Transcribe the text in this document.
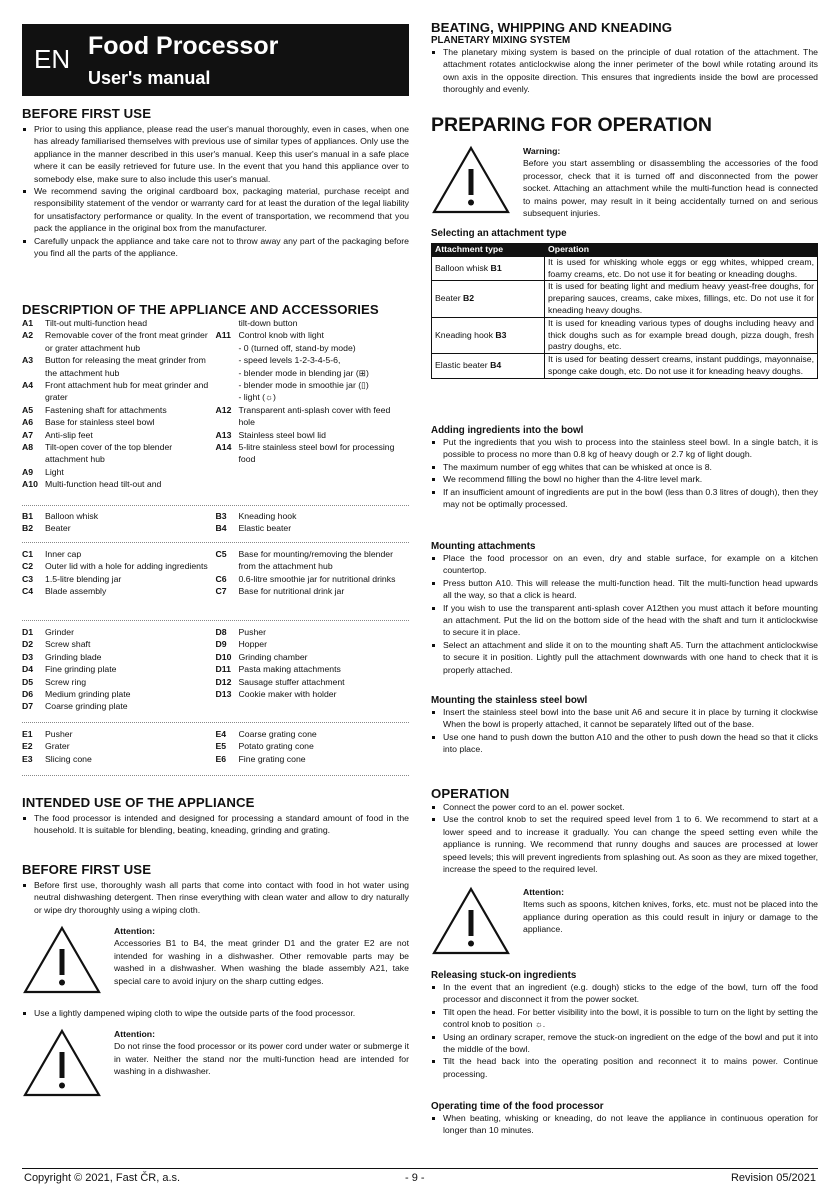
EN Food Processor
User's manual
BEFORE FIRST USE
Prior to using this appliance, please read the user's manual thoroughly, even in cases, when one has already familiarised themselves with previous use of similar types of appliances. Only use the appliance in the manner described in this user's manual. Keep this user's manual in a safe place where it can be easily retrieved for future use. In the event that you hand this appliance over to somebody else, make sure to also include this user's manual.
We recommend saving the original cardboard box, packaging material, purchase receipt and responsibility statement of the vendor or warranty card for at least the duration of the legal liability for unsatisfactory performance or quality. In the event of transportation, we recommend that you pack the appliance in the original box from the manufacturer.
Carefully unpack the appliance and take care not to throw away any part of the packaging before you find all the parts of the appliance.
DESCRIPTION OF THE APPLIANCE AND ACCESSORIES
A1	Tilt-out multi-function head
A2	Removable cover of the front meat grinder or grater attachment hub
A3	Button for releasing the meat grinder from the attachment hub
A4	Front attachment hub for meat grinder and grater
A5	Fastening shaft for attachments
A6	Base for stainless steel bowl
A7	Anti-slip feet
A8	Tilt-open cover of the top blender attachment hub
A9	Light
A10 Multi-function head tilt-out and
tilt-down button
A11 Control knob with light
- 0 (turned off, stand-by mode)
- speed levels 1-2-3-4-5-6,
- blender mode in blending jar (⊞)
- blender mode in smoothie jar (▯)
- light (☼)
A12 Transparent anti-splash cover with feed hole
A13 Stainless steel bowl lid
A14 5-litre stainless steel bowl for processing food
B1	Balloon whisk
B2	Beater
B3	Kneading hook
B4	Elastic beater
C1	Inner cap
C2	Outer lid with a hole for adding ingredients
C3	1.5-litre blending jar
C4	Blade assembly
C5	Base for mounting/removing the blender from the attachment hub
C6	0.6-litre smoothie jar for nutritional drinks
C7	Base for nutritional drink jar
D1	Grinder
D2	Screw shaft
D3	Grinding blade
D4	Fine grinding plate
D5	Screw ring
D6	Medium grinding plate
D7	Coarse grinding plate
D8	Pusher
D9	Hopper
D10 Grinding chamber
D11 Pasta making attachments
D12 Sausage stuffer attachment
D13 Cookie maker with holder
E1	Pusher
E2	Grater
E3	Slicing cone
E4	Coarse grating cone
E5	Potato grating cone
E6	Fine grating cone
INTENDED USE OF THE APPLIANCE
The food processor is intended and designed for processing a standard amount of food in the household. It is suitable for blending, beating, kneading, grinding and grating.
BEFORE FIRST USE
Before first use, thoroughly wash all parts that come into contact with food in hot water using neutral dishwashing detergent. Then rinse everything with clean water and allow to dry naturally or wipe dry thoroughly using a wiping cloth.
Attention:
Accessories B1 to B4, the meat grinder D1 and the grater E2 are not intended for washing in a dishwasher. Other removable parts may be washed in a dishwasher. When washing the blade assembly A21, take special care to avoid injury on the sharp cutting edges.
Use a lightly dampened wiping cloth to wipe the outside parts of the food processor.
Attention:
Do not rinse the food processor or its power cord under water or submerge it in water. Neither the stand nor the multi-function head are intended for washing in a dishwasher.
BEATING, WHIPPING AND KNEADING
PLANETARY MIXING SYSTEM
The planetary mixing system is based on the principle of dual rotation of the attachment. The attachment rotates anticlockwise along the inner perimeter of the bowl while rotating around its own axis in the opposite direction. This ensures that ingredients inside the bowl are processed thoroughly and evenly.
PREPARING FOR OPERATION
Warning:
Before you start assembling or disassembling the accessories of the food processor, check that it is turned off and disconnected from the power socket. Attaching an attachment while the multi-function head is connected to mains power, may result in it being accidentally turned on and serious subsequent injuries.
Selecting an attachment type
Attachment type	Operation
Balloon whisk B1	It is used for whisking whole eggs or egg whites, whipped cream, foamy creams, etc. Do not use it for beating or kneading doughs.
Beater B2	It is used for beating light and medium heavy yeast-free doughs, for preparing sauces, creams, cake mixes, fillings, etc. Do not use it for kneading heavy doughs.
Kneading hook B3	It is used for kneading various types of doughs including heavy and thick doughs such as for example bread dough, pizza dough, fresh pastry doughs, etc.
Elastic beater B4	It is used for beating dessert creams, instant puddings, mayonnaise, sponge cake dough, etc. Do not use it for kneading heavy doughs.
Adding ingredients into the bowl
Put the ingredients that you wish to process into the stainless steel bowl. In a single batch, it is possible to process no more than 0.8 kg of heavy dough or 2.7 kg of light dough.
The maximum number of egg whites that can be whisked at once is 8.
We recommend filling the bowl no higher than the 4-litre level mark.
If an insufficient amount of ingredients are put in the bowl (less than 0.3 litres of dough), then they may not be optimally processed.
Mounting attachments
Place the food processor on an even, dry and stable surface, for example on a kitchen countertop.
Press button A10. This will release the multi-function head. Tilt the multi-function head upwards all the way, so that a click is heard.
If you wish to use the transparent anti-splash cover A12then you must attach it before mounting an attachment. Put the lid on the bottom side of the head with the shaft and turn it anticlockwise to secure it in place.
Select an attachment and slide it on to the mounting shaft A5. Turn the attachment anticlockwise to secure it in position. Lightly pull the attachment downwards with one hand to check that it is properly attached.
Mounting the stainless steel bowl
Insert the stainless steel bowl into the base unit A6 and secure it in place by turning it clockwise When the bowl is properly attached, it cannot be separately lifted out of the base.
Use one hand to push down the button A10 and the other to push down the head so that it clicks into place.
OPERATION
Connect the power cord to an el. power socket.
Use the control knob to set the required speed level from 1 to 6. We recommend to start at a lower speed and to increase it gradually. You can change the speed setting even while the appliance is running. We recommend that runny doughs and sauces are processed at lower speed levels; this will prevent ingredients from splashing out. As soon as they are mixed together, increase the speed to the required level.
Attention:
Items such as spoons, kitchen knives, forks, etc. must not be placed into the appliance during operation as this could result in injury or damage to the appliance.
Releasing stuck-on ingredients
In the event that an ingredient (e.g. dough) sticks to the edge of the bowl, turn off the food processor and disconnect it from the power socket.
Tilt open the head. For better visibility into the bowl, it is possible to turn on the light by setting the control knob to position ☼.
Using an ordinary scraper, remove the stuck-on ingredient on the edge of the bowl and put it into the middle of the bowl.
Tilt the head back into the operating position and reconnect it to mains power. Continue processing.
Operating time of the food processor
When beating, whisking or kneading, do not leave the appliance in continuous operation for longer than 10 minutes.
Copyright © 2021, Fast ČR, a.s.	- 9 -	Revision 05/2021
